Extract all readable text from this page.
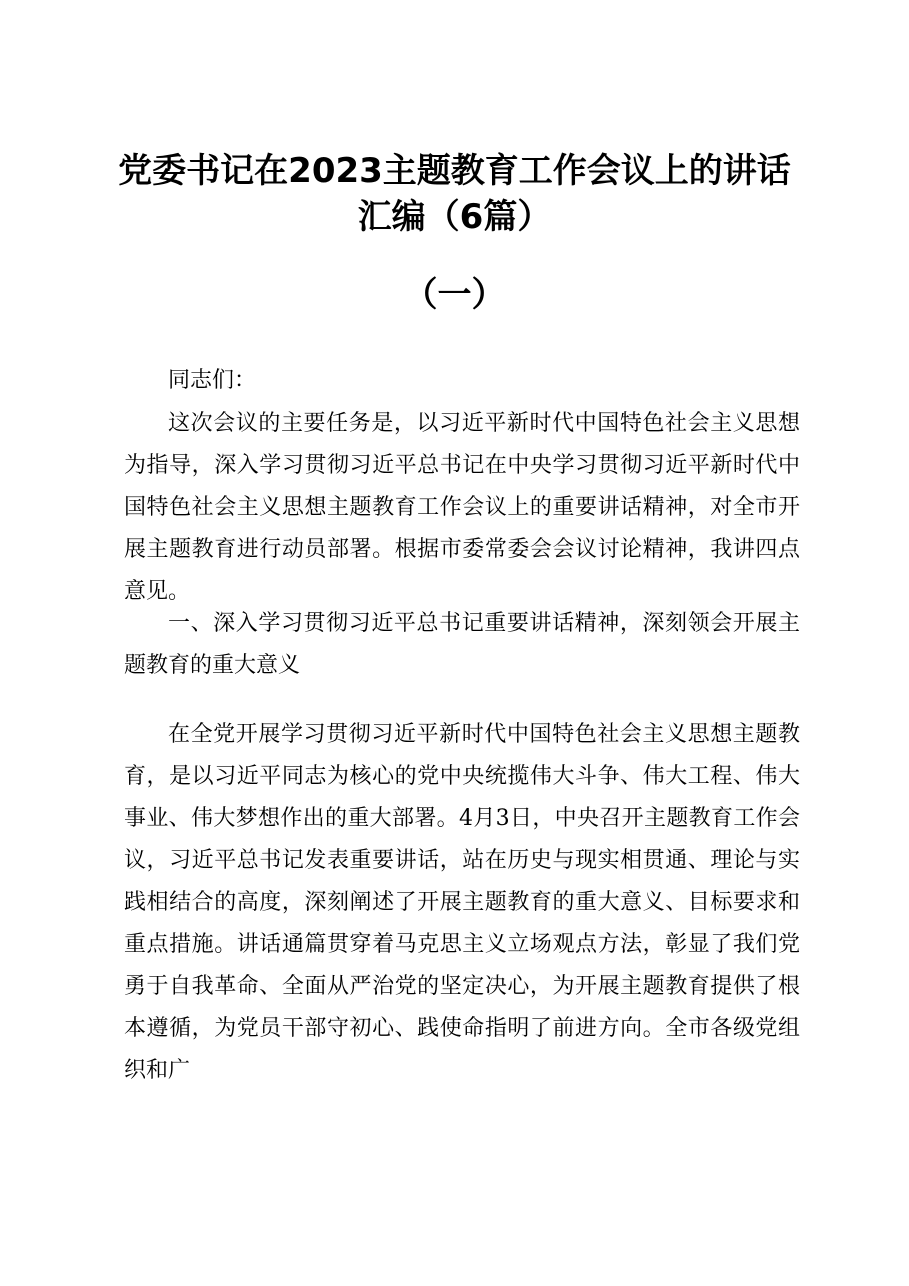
党委书记在2023主题教育工作会议上的讲话
汇编（6篇）
（一）

同志们：

这次会议的主要任务是，以习近平新时代中国特色社会主义思想为指导，深入学习贯彻习近平总书记在中央学习贯彻习近平新时代中国特色社会主义思想主题教育工作会议上的重要讲话精神，对全市开展主题教育进行动员部署。根据市委常委会会议讨论精神，我讲四点意见。

一、深入学习贯彻习近平总书记重要讲话精神，深刻领会开展主题教育的重大意义

在全党开展学习贯彻习近平新时代中国特色社会主义思想主题教育，是以习近平同志为核心的党中央统揽伟大斗争、伟大工程、伟大事业、伟大梦想作出的重大部署。4月3日，中央召开主题教育工作会议，习近平总书记发表重要讲话，站在历史与现实相贯通、理论与实践相结合的高度，深刻阐述了开展主题教育的重大意义、目标要求和重点措施。讲话通篇贯穿着马克思主义立场观点方法，彰显了我们党勇于自我革命、全面从严治党的坚定决心，为开展主题教育提供了根本遵循，为党员干部守初心、践使命指明了前进方向。全市各级党组织和广
